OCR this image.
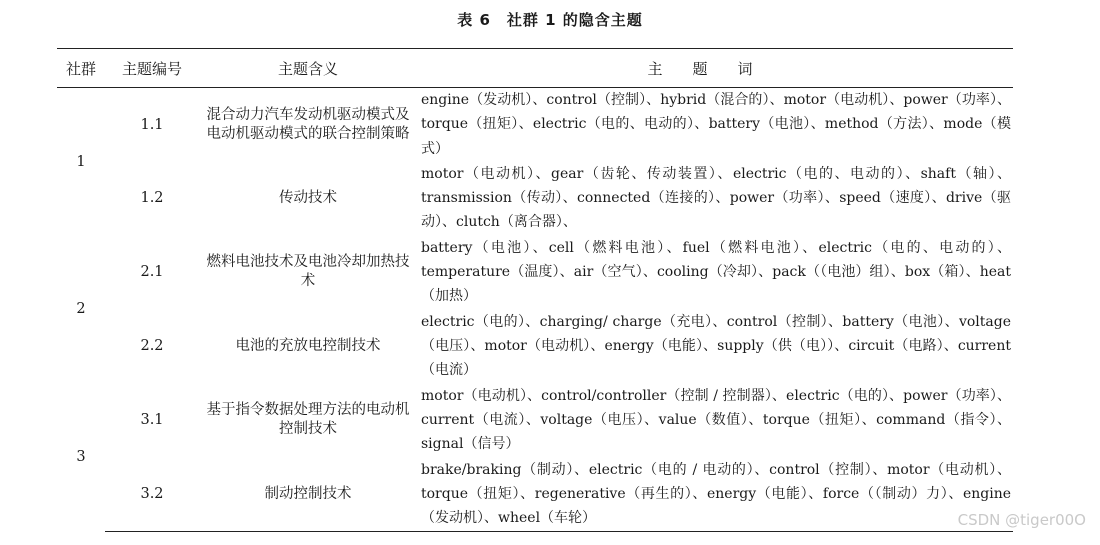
表 6　社群 1 的隐含主题
社群	主题编号	主题含义	主题词
1	1.1	混合动力汽车发动机驱动模式及电动机驱动模式的联合控制策略	engine（发动机）、control（控制）、hybrid（混合的）、motor（电动机）、power（功率）、torque（扭矩）、electric（电的、电动的）、battery（电池）、method（方法）、mode（模式）
	1.2	传动技术	motor（电动机）、gear（齿轮、传动装置）、electric（电的、电动的）、shaft（轴）、transmission（传动）、connected（连接的）、power（功率）、speed（速度）、drive（驱动）、clutch（离合器）、
2	2.1	燃料电池技术及电池冷却加热技术	battery（电池）、cell（燃料电池）、fuel（燃料电池）、electric（电的、电动的）、temperature（温度）、air（空气）、cooling（冷却）、pack（（电池）组）、box（箱）、heat（加热）
	2.2	电池的充放电控制技术	electric（电的）、charging/ charge（充电）、control（控制）、battery（电池）、voltage（电压）、motor（电动机）、energy（电能）、supply（供（电））、circuit（电路）、current（电流）
3	3.1	基于指令数据处理方法的电动机控制技术	motor（电动机）、control/controller（控制 / 控制器）、electric（电的）、power（功率）、current（电流）、voltage（电压）、value（数值）、torque（扭矩）、command（指令）、signal（信号）
	3.2	制动控制技术	brake/braking（制动）、electric（电的 / 电动的）、control（控制）、motor（电动机）、torque（扭矩）、regenerative（再生的）、energy（电能）、force（（制动）力）、engine（发动机）、wheel（车轮）	CSDN @tiger00O
